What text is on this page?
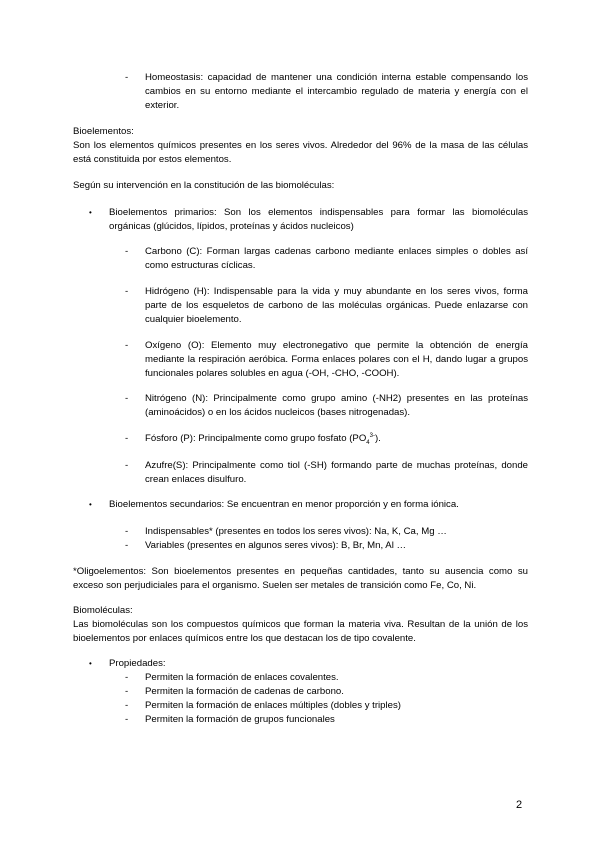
- Homeostasis: capacidad de mantener una condición interna estable compensando los cambios en su entorno mediante el intercambio regulado de materia y energía con el exterior.

Bioelementos:

Son los elementos químicos presentes en los seres vivos. Alrededor del 96% de la masa de las células está constituida por estos elementos.

Según su intervención en la constitución de las biomoléculas:

• Bioelementos primarios: Son los elementos indispensables para formar las biomoléculas orgánicas (glúcidos, lípidos, proteínas y ácidos nucleicos)

- Carbono (C): Forman largas cadenas carbono mediante enlaces simples o dobles así como estructuras cíclicas.

- Hidrógeno (H): Indispensable para la vida y muy abundante en los seres vivos, forma parte de los esqueletos de carbono de las moléculas orgánicas. Puede enlazarse con cualquier bioelemento.

- Oxígeno (O): Elemento muy electronegativo que permite la obtención de energía mediante la respiración aeróbica. Forma enlaces polares con el H, dando lugar a grupos funcionales polares solubles en agua (-OH, -CHO, -COOH).

- Nitrógeno (N): Principalmente como grupo amino (-NH2) presentes en las proteínas (aminoácidos) o en los ácidos nucleicos (bases nitrogenadas).

- Fósforo (P): Principalmente como grupo fosfato $(PO_4^{3-})$.

- Azufre(S): Principalmente como tiol (-SH) formando parte de muchas proteínas, donde crean enlaces disulfuro.

• Bioelementos secundarios: Se encuentran en menor proporción y en forma iónica.

- Indispensables* (presentes en todos los seres vivos): Na, K, Ca, Mg …

- Variables (presentes en algunos seres vivos): B, Br, Mn, Al …

*Oligoelementos: Son bioelementos presentes en pequeñas cantidades, tanto su ausencia como su exceso son perjudiciales para el organismo. Suelen ser metales de transición como Fe, Co, Ni.

Biomoléculas:

Las biomoléculas son los compuestos químicos que forman la materia viva. Resultan de la unión de los bioelementos por enlaces químicos entre los que destacan los de tipo covalente.

• Propiedades:

- Permiten la formación de enlaces covalentes.

- Permiten la formación de cadenas de carbono.

- Permiten la formación de enlaces múltiples (dobles y triples)

- Permiten la formación de grupos funcionales

2
